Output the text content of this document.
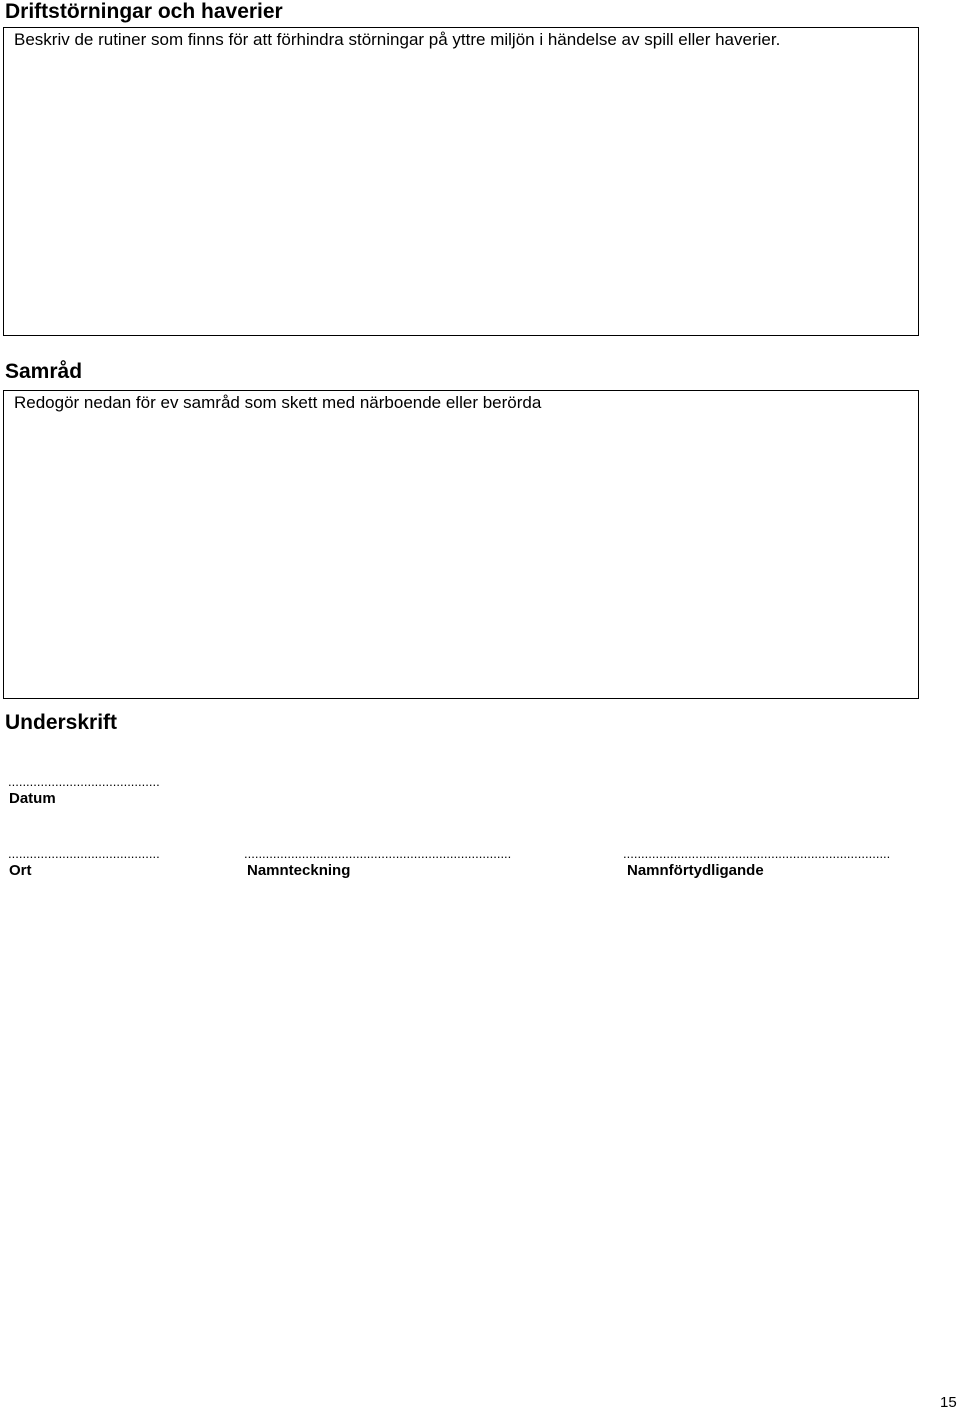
Driftstörningar och haverier
Beskriv de rutiner som finns för att förhindra störningar på yttre miljön i händelse av spill eller haverier.
Samråd
Redogör nedan för ev samråd som skett med närboende eller berörda
Underskrift
..........................................
Datum
..........................................
Ort
..........................................................................
Namnteckning
..........................................................................
Namnförtydligande
15
